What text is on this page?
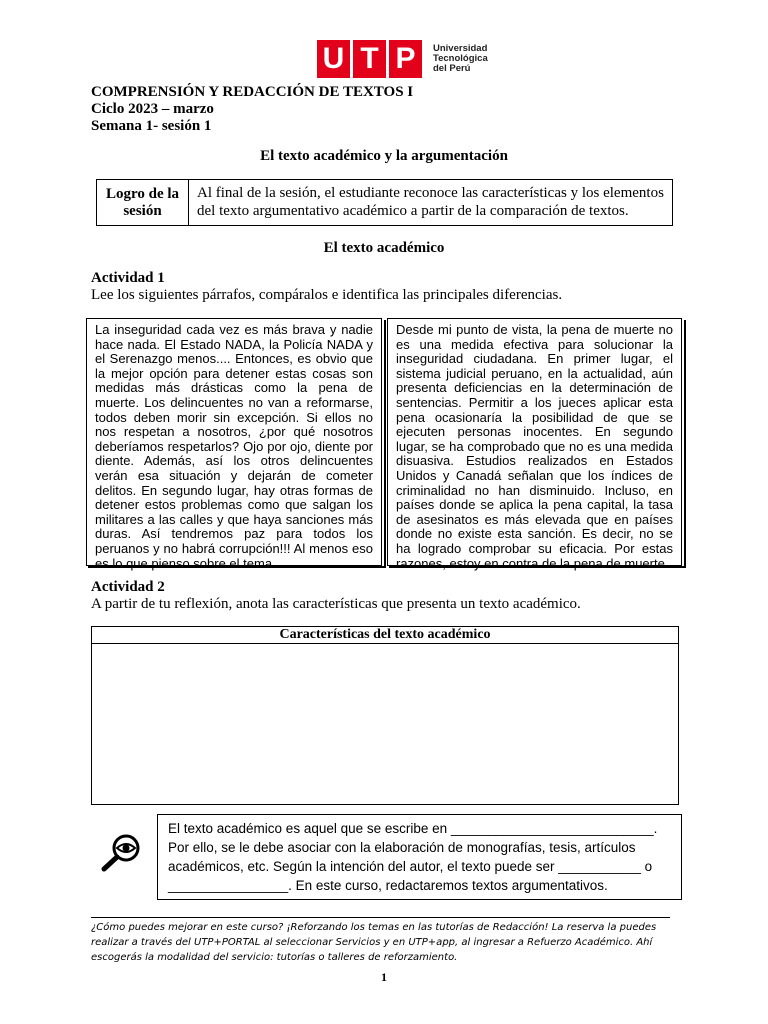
U T P	Universidad
Tecnológica
del Perú
COMPRENSIÓN Y REDACCIÓN DE TEXTOS I
Ciclo 2023 – marzo
Semana 1- sesión 1
El texto académico y la argumentación
Logro de la sesión
Al final de la sesión, el estudiante reconoce las características y los elementos del texto argumentativo académico a partir de la comparación de textos.
El texto académico
Actividad 1
Lee los siguientes párrafos, compáralos e identifica las principales diferencias.
La inseguridad cada vez es más brava y nadie hace nada. El Estado NADA, la Policía NADA y el Serenazgo menos.... Entonces, es obvio que la mejor opción para detener estas cosas son medidas más drásticas como la pena de muerte. Los delincuentes no van a reformarse, todos deben morir sin excepción. Si ellos no nos respetan a nosotros, ¿por qué nosotros deberíamos respetarlos? Ojo por ojo, diente por diente. Además, así los otros delincuentes verán esa situación y dejarán de cometer delitos. En segundo lugar, hay otras formas de detener estos problemas como que salgan los militares a las calles y que haya sanciones más duras. Así tendremos paz para todos los peruanos y no habrá corrupción!!! Al menos eso es lo que pienso sobre el tema...
Desde mi punto de vista, la pena de muerte no es una medida efectiva para solucionar la inseguridad ciudadana. En primer lugar, el sistema judicial peruano, en la actualidad, aún presenta deficiencias en la determinación de sentencias. Permitir a los jueces aplicar esta pena ocasionaría la posibilidad de que se ejecuten personas inocentes. En segundo lugar, se ha comprobado que no es una medida disuasiva. Estudios realizados en Estados Unidos y Canadá señalan que los índices de criminalidad no han disminuido. Incluso, en países donde se aplica la pena capital, la tasa de asesinatos es más elevada que en países donde no existe esta sanción. Es decir, no se ha logrado comprobar su eficacia. Por estas razones, estoy en contra de la pena de muerte.
Actividad 2
A partir de tu reflexión, anota las características que presenta un texto académico.
Características del texto académico
El texto académico es aquel que se escribe en ___________________________.
Por ello, se le debe asociar con la elaboración de monografías, tesis, artículos
académicos, etc. Según la intención del autor, el texto puede ser ___________ o
________________. En este curso, redactaremos textos argumentativos.
¿Cómo puedes mejorar en este curso? ¡Reforzando los temas en las tutorías de Redacción! La reserva la puedes
realizar a través del UTP+PORTAL al seleccionar Servicios y en UTP+app, al ingresar a Refuerzo Académico. Ahí
escogerás la modalidad del servicio: tutorías o talleres de reforzamiento.
1
